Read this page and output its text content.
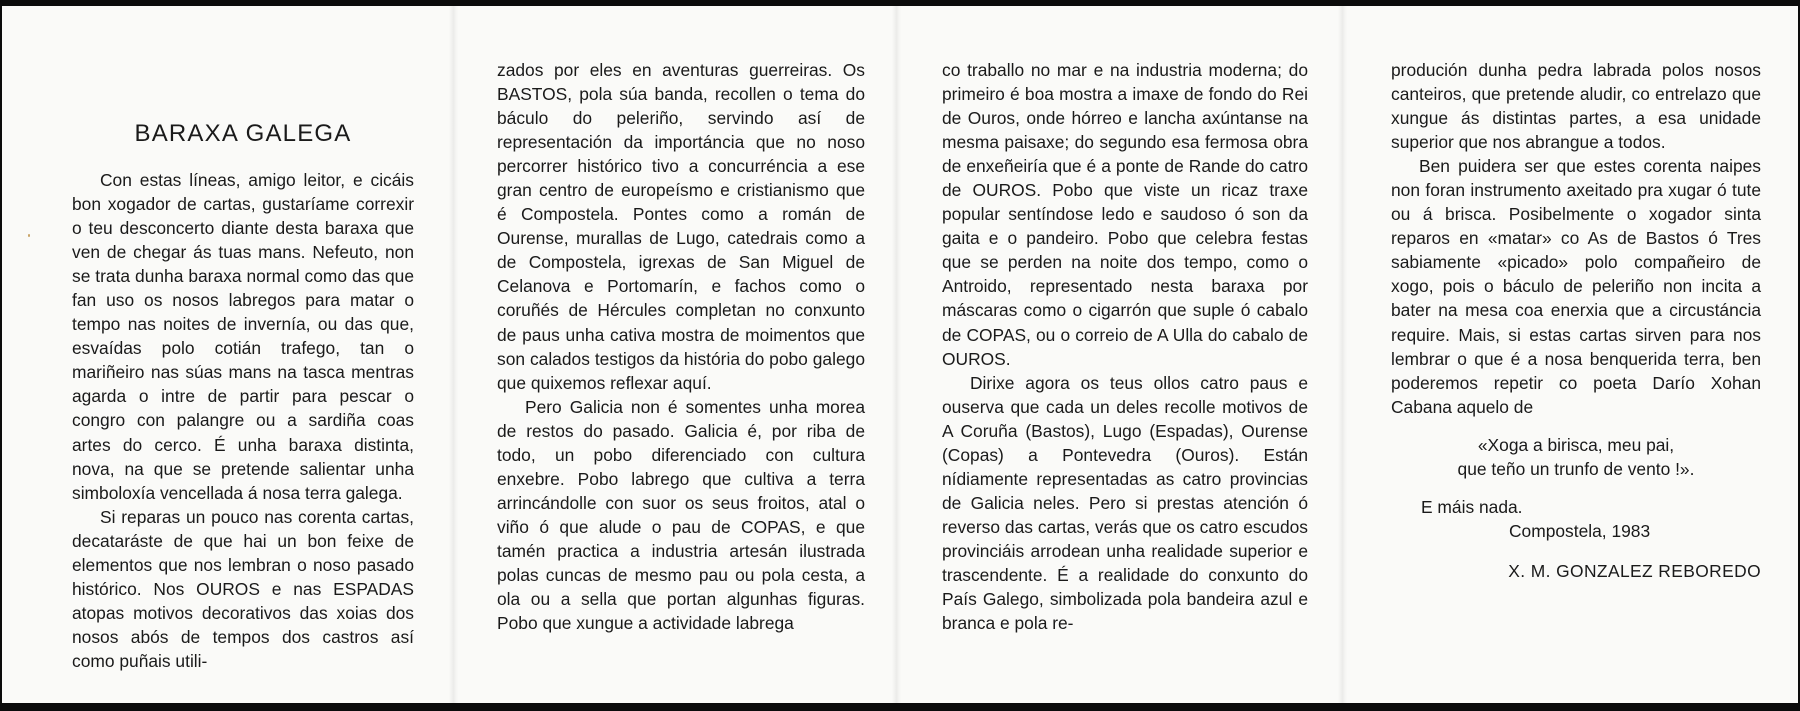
BARAXA GALEGA

Con estas líneas, amigo leitor, e cicáis bon xogador de cartas, gustaríame correxir o teu desconcerto diante desta baraxa que ven de chegar ás tuas mans. Nefeuto, non se trata dunha baraxa normal como das que fan uso os nosos labregos para matar o tempo nas noites de invernía, ou das que, esvaídas polo cotián trafego, tan o mariñeiro nas súas mans na tasca mentras agarda o intre de partir para pescar o congro con palangre ou a sardiña coas artes do cerco. É unha baraxa distinta, nova, na que se pretende salientar unha simboloxía vencellada á nosa terra galega.

Si reparas un pouco nas corenta cartas, decataráste de que hai un bon feixe de elementos que nos lembran o noso pasado histórico. Nos OUROS e nas ESPADAS atopas motivos decorativos das xoias dos nosos abós de tempos dos castros así como puñais utili-

zados por eles en aventuras guerreiras. Os BASTOS, pola súa banda, recollen o tema do báculo do peleriño, servindo así de representación da importáncia que no noso percorrer histórico tivo a concurréncia a ese gran centro de europeísmo e cristianismo que é Compostela. Pontes como a román de Ourense, murallas de Lugo, catedrais como a de Compostela, igrexas de San Miguel de Celanova e Portomarín, e fachos como o coruñés de Hércules completan no conxunto de paus unha cativa mostra de moimentos que son calados testigos da história do pobo galego que quixemos reflexar aquí.

Pero Galicia non é somentes unha morea de restos do pasado. Galicia é, por riba de todo, un pobo diferenciado con cultura enxebre. Pobo labrego que cultiva a terra arrincándolle con suor os seus froitos, atal o viño ó que alude o pau de COPAS, e que tamén practica a industria artesán ilustrada polas cuncas de mesmo pau ou pola cesta, a ola ou a sella que portan algunhas figuras. Pobo que xungue a actividade labrega

co traballo no mar e na industria moderna; do primeiro é boa mostra a imaxe de fondo do Rei de Ouros, onde hórreo e lancha axúntanse na mesma paisaxe; do segundo esa fermosa obra de enxeñeiría que é a ponte de Rande do catro de OUROS. Pobo que viste un ricaz traxe popular sentíndose ledo e saudoso ó son da gaita e o pandeiro. Pobo que celebra festas que se perden na noite dos tempo, como o Antroido, representado nesta baraxa por máscaras como o cigarrón que suple ó cabalo de COPAS, ou o correio de A Ulla do cabalo de OUROS.

Dirixe agora os teus ollos catro paus e ouserva que cada un deles recolle motivos de A Coruña (Bastos), Lugo (Espadas), Ourense (Copas) a Pontevedra (Ouros). Están nídiamente representadas as catro provincias de Galicia neles. Pero si prestas atención ó reverso das cartas, verás que os catro escudos provinciáis arrodean unha realidade superior e trascendente. É a realidade do conxunto do País Galego, simbolizada pola bandeira azul e branca e pola re-

produción dunha pedra labrada polos nosos canteiros, que pretende aludir, co entrelazo que xungue ás distintas partes, a esa unidade superior que nos abrangue a todos.

Ben puidera ser que estes corenta naipes non foran instrumento axeitado pra xugar ó tute ou á brisca. Posibelmente o xogador sinta reparos en «matar» co As de Bastos ó Tres sabiamente «picado» polo compañeiro de xogo, pois o báculo de peleriño non incita a bater na mesa coa enerxia que a circustáncia require. Mais, si estas cartas sirven para nos lembrar o que é a nosa benquerida terra, ben poderemos repetir co poeta Darío Xohan Cabana aquelo de

«Xoga a birisca, meu pai,
que teño un trunfo de vento !».
E máis nada.
Compostela, 1983
X. M. GONZALEZ REBOREDO
